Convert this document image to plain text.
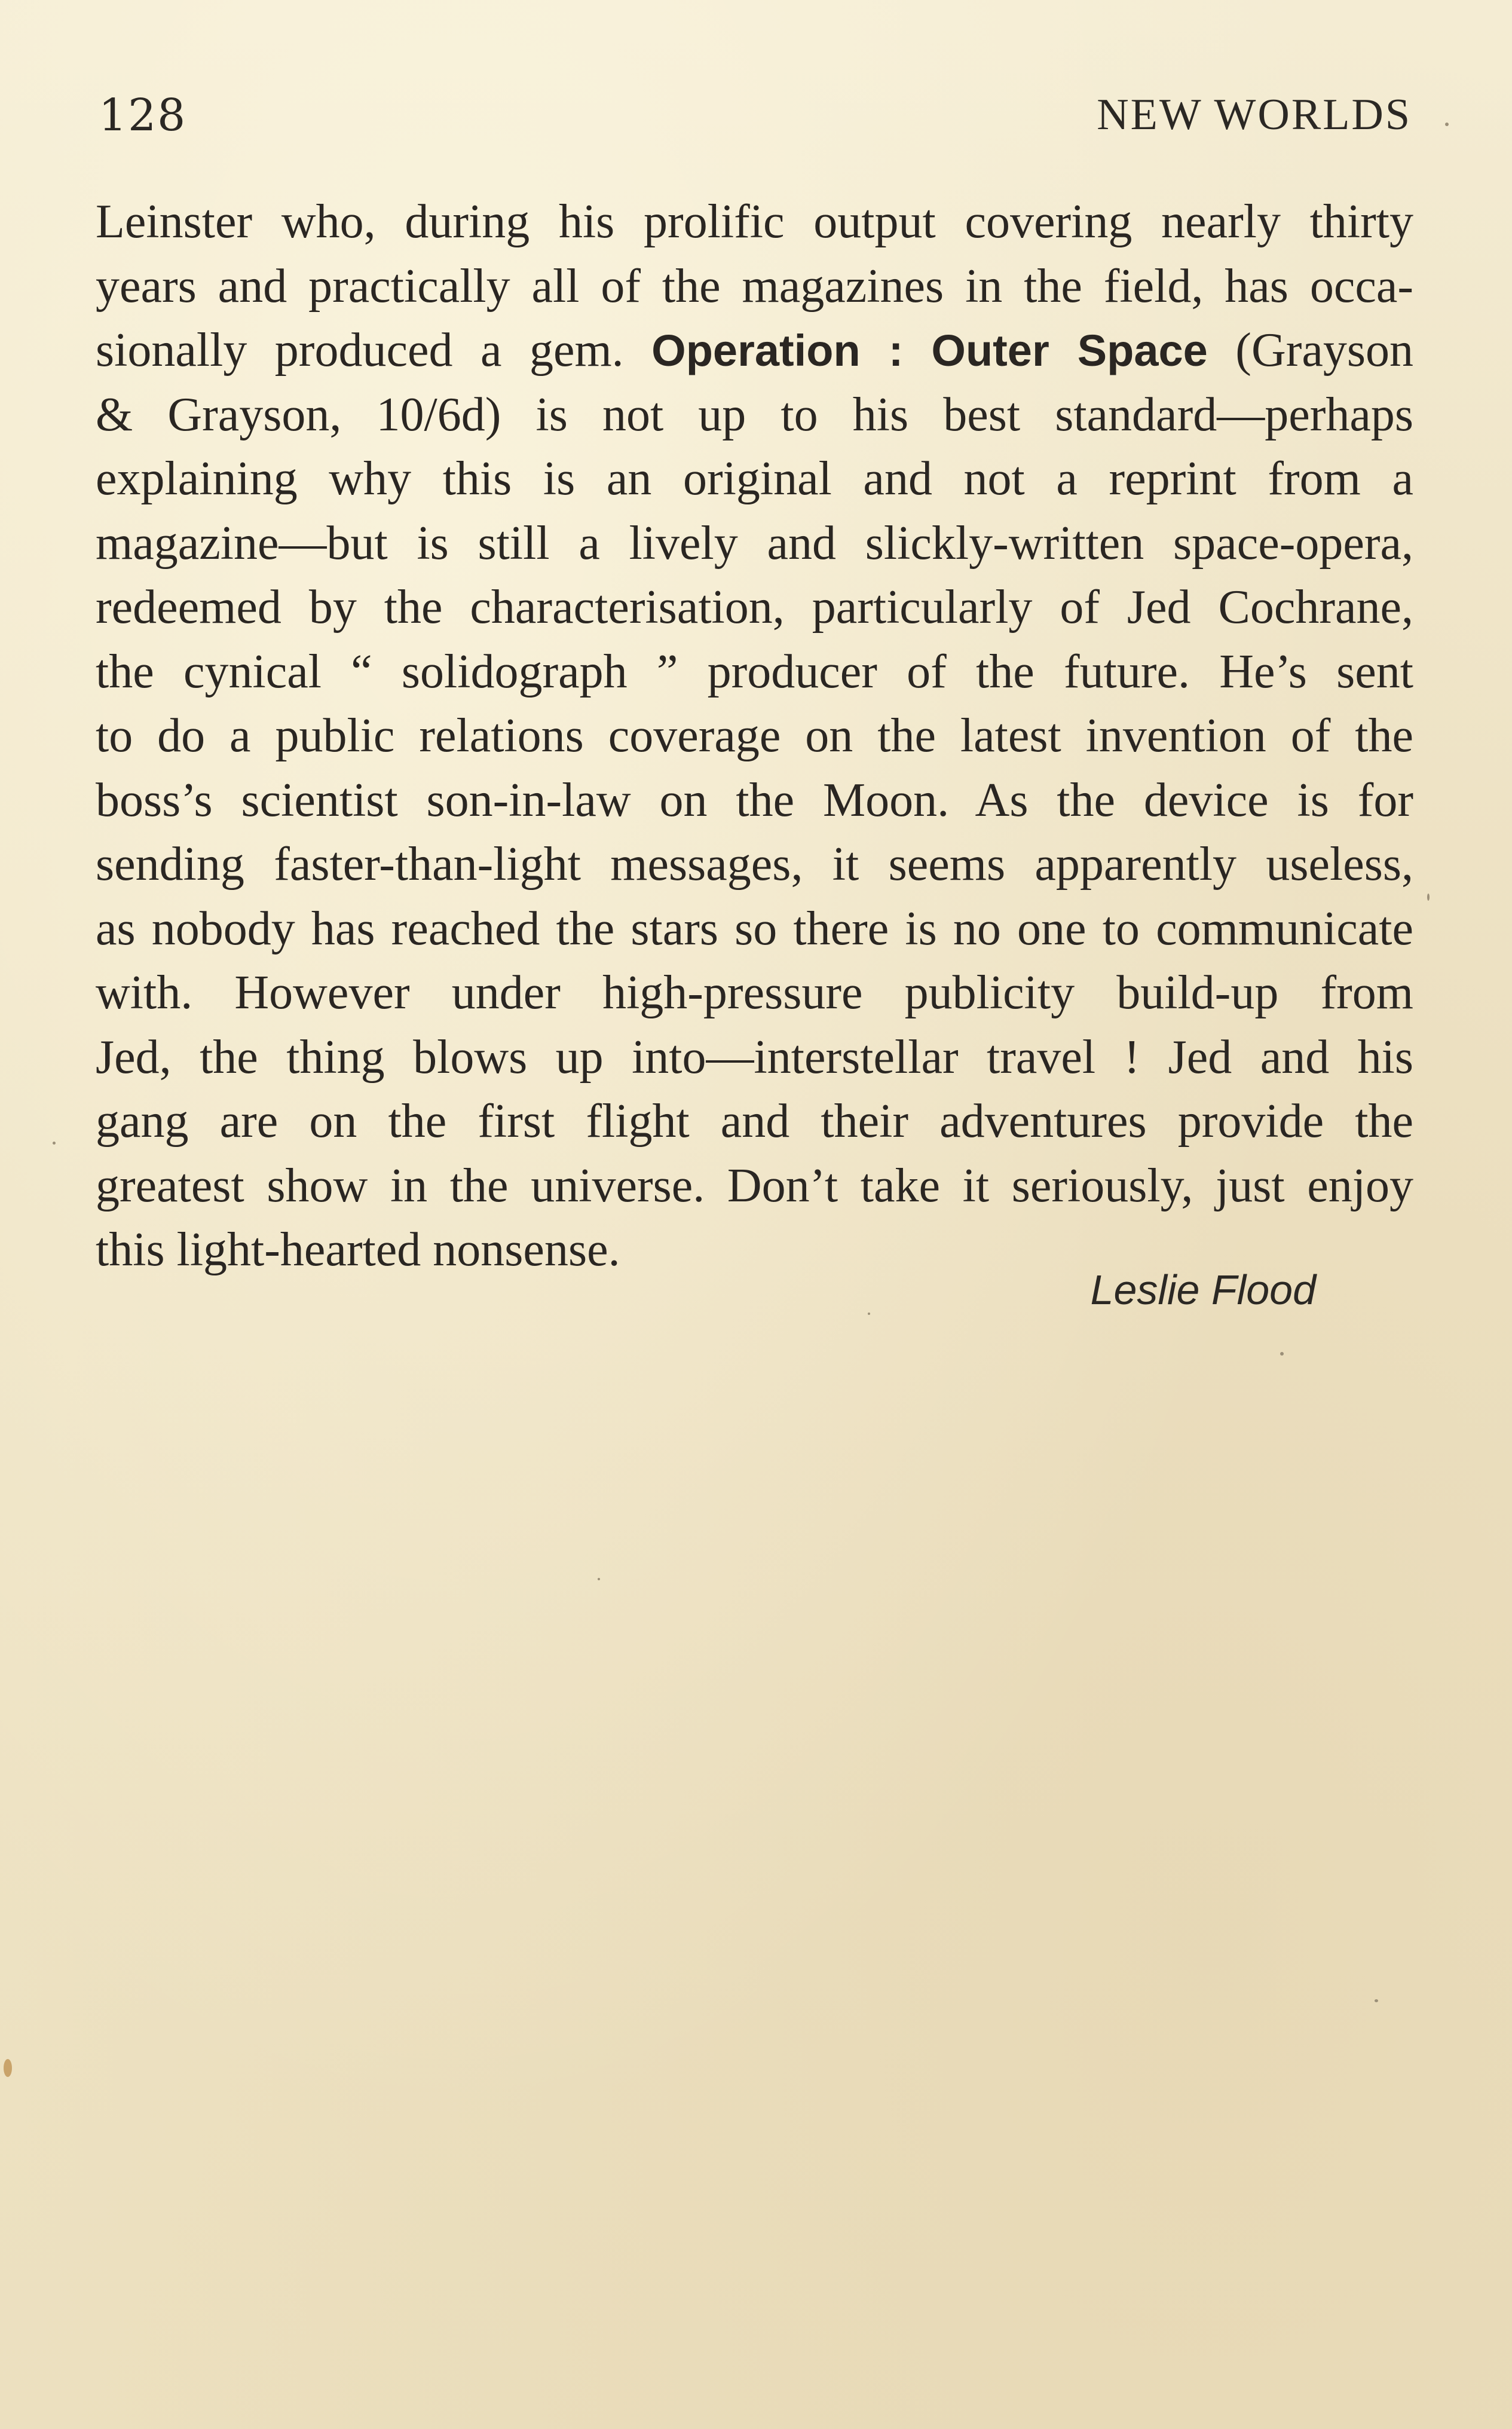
128	NEW WORLDS
Leinster who, during his prolific output covering nearly thirty
years and practically all of the magazines in the field, has occa-
sionally produced a gem. Operation : Outer Space (Grayson
& Grayson, 10/6d) is not up to his best standard—perhaps
explaining why this is an original and not a reprint from a
magazine—but is still a lively and slickly-written space-opera,
redeemed by the characterisation, particularly of Jed Cochrane,
the cynical “ solidograph ” producer of the future. He’s sent
to do a public relations coverage on the latest invention of the
boss’s scientist son-in-law on the Moon. As the device is for
sending faster-than-light messages, it seems apparently useless,
as nobody has reached the stars so there is no one to communicate
with. However under high-pressure publicity build-up from
Jed, the thing blows up into—interstellar travel ! Jed and his
gang are on the first flight and their adventures provide the
greatest show in the universe. Don’t take it seriously, just enjoy
this light-hearted nonsense.
Leslie Flood
